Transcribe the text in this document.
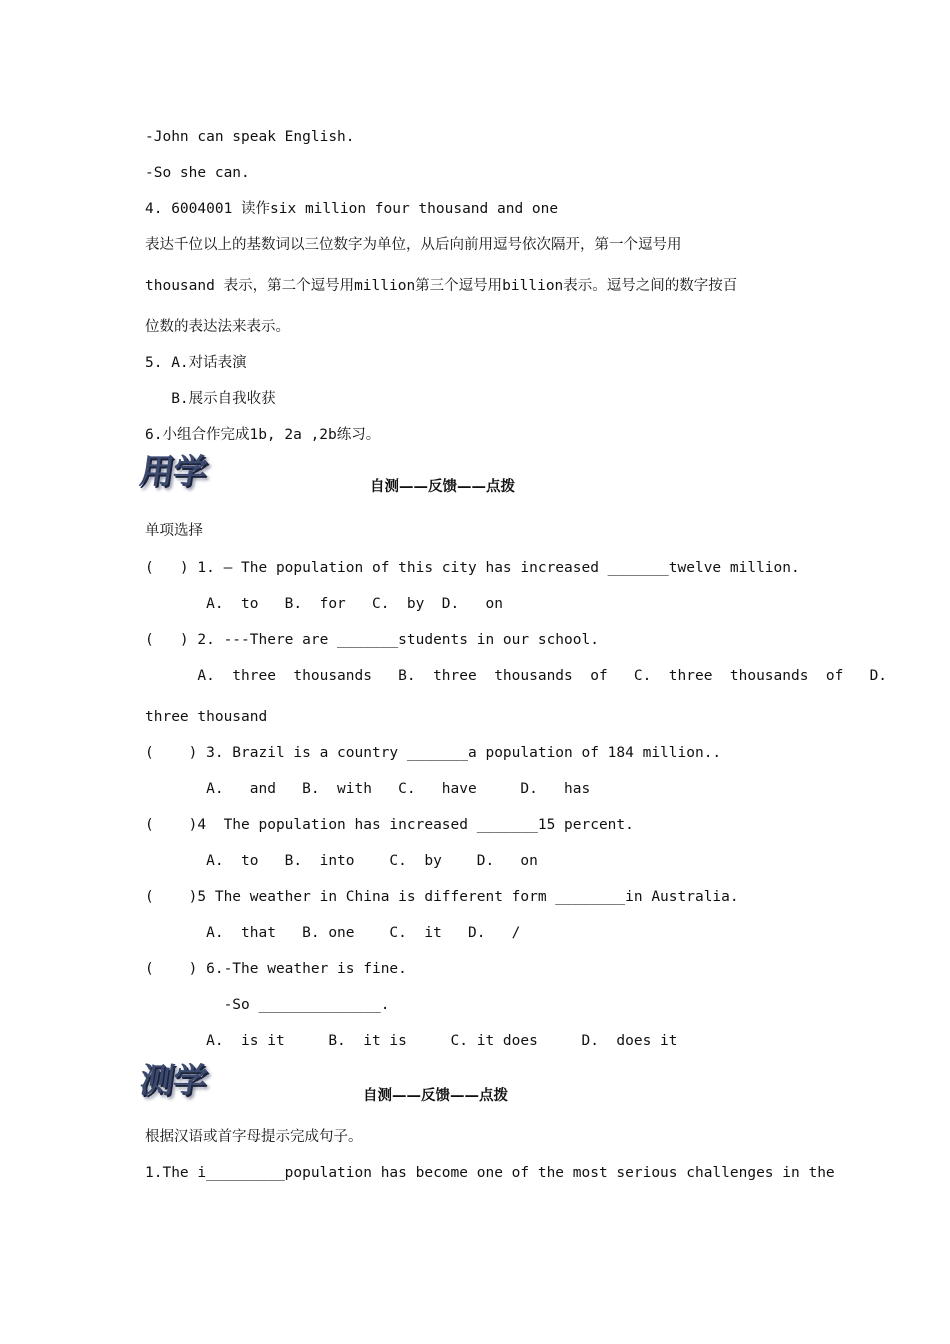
-John can speak English.
-So she can.
4. 6004001 读作six million four thousand and one
表达千位以上的基数词以三位数字为单位，从后向前用逗号依次隔开，第一个逗号用
thousand 表示，第二个逗号用million第三个逗号用billion表示。逗号之间的数字按百
位数的表达法来表示。
5. A.对话表演
B.展示自我收获
6.小组合作完成1b, 2a ,2b练习。
用学	自测——反馈——点拨
单项选择
(   ) 1. — The population of this city has increased _______twelve million.
A.  to   B.  for   C.  by  D.   on
(   ) 2. ---There are _______students in our school.
A.  three  thousands   B.  three  thousands  of   C.  three  thousands  of   D.
three thousand
(    ) 3. Brazil is a country _______a population of 184 million..
A.   and   B.  with   C.   have     D.   has
(    )4  The population has increased _______15 percent.
A.  to   B.  into    C.  by    D.   on
(    )5 The weather in China is different form ________in Australia.
A.  that   B. one    C.  it   D.   /
(    ) 6.-The weather is fine.
-So ______________.
A.  is it     B.  it is     C. it does     D.  does it
测学	自测——反馈——点拨
根据汉语或首字母提示完成句子。
1.The i_________population has become one of the most serious challenges in the
